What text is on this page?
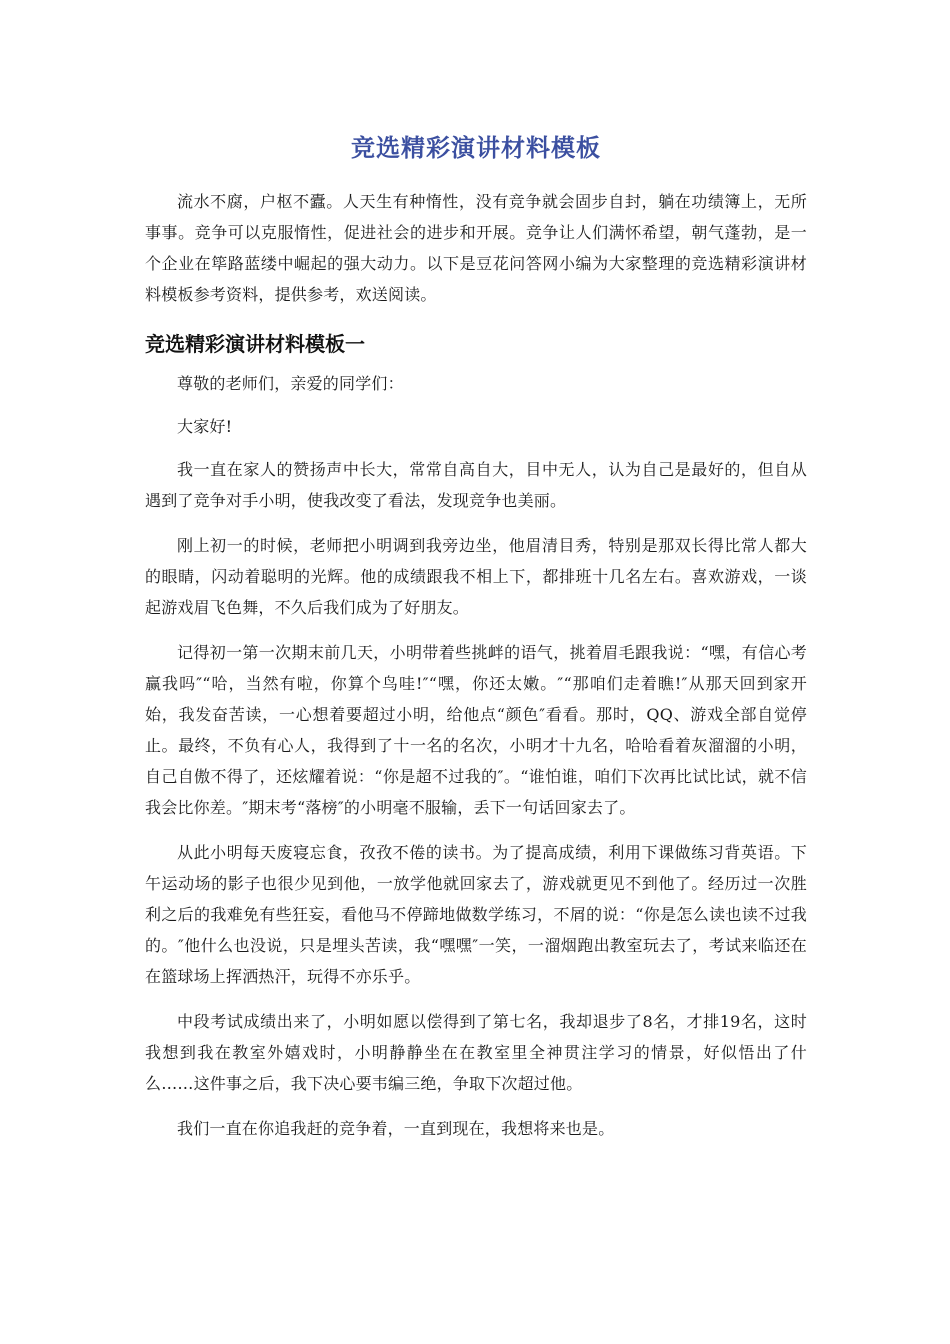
竞选精彩演讲材料模板

流水不腐，户枢不蠹。人天生有种惰性，没有竞争就会固步自封，躺在功绩簿上，无所事事。竞争可以克服惰性，促进社会的进步和开展。竞争让人们满怀希望，朝气蓬勃，是一个企业在筚路蓝缕中崛起的强大动力。以下是豆花问答网小编为大家整理的竞选精彩演讲材料模板参考资料，提供参考，欢送阅读。

竞选精彩演讲材料模板一

尊敬的老师们，亲爱的同学们：

大家好!

我一直在家人的赞扬声中长大，常常自高自大，目中无人，认为自己是最好的，但自从遇到了竞争对手小明，使我改变了看法，发现竞争也美丽。

刚上初一的时候，老师把小明调到我旁边坐，他眉清目秀，特别是那双长得比常人都大的眼睛，闪动着聪明的光辉。他的成绩跟我不相上下，都排班十几名左右。喜欢游戏，一谈起游戏眉飞色舞，不久后我们成为了好朋友。

记得初一第一次期末前几天，小明带着些挑衅的语气，挑着眉毛跟我说：“嘿，有信心考赢我吗″“哈，当然有啦，你算个鸟哇!″“嘿，你还太嫩。″“那咱们走着瞧!″从那天回到家开始，我发奋苦读，一心想着要超过小明，给他点“颜色″看看。那时，QQ、游戏全部自觉停止。最终，不负有心人，我得到了十一名的名次，小明才十九名，哈哈看着灰溜溜的小明，自己自傲不得了，还炫耀着说：“你是超不过我的″。“谁怕谁，咱们下次再比试比试，就不信我会比你差。″期末考“落榜″的小明毫不服输，丢下一句话回家去了。

从此小明每天废寝忘食，孜孜不倦的读书。为了提高成绩，利用下课做练习背英语。下午运动场的影子也很少见到他，一放学他就回家去了，游戏就更见不到他了。经历过一次胜利之后的我难免有些狂妄，看他马不停蹄地做数学练习，不屑的说：“你是怎么读也读不过我的。″他什么也没说，只是埋头苦读，我“嘿嘿″一笑，一溜烟跑出教室玩去了，考试来临还在在篮球场上挥洒热汗，玩得不亦乐乎。

中段考试成绩出来了，小明如愿以偿得到了第七名，我却退步了8名，才排19名，这时我想到我在教室外嬉戏时，小明静静坐在在教室里全神贯注学习的情景，好似悟出了什么……这件事之后，我下决心要韦编三绝，争取下次超过他。

我们一直在你追我赶的竞争着，一直到现在，我想将来也是。
